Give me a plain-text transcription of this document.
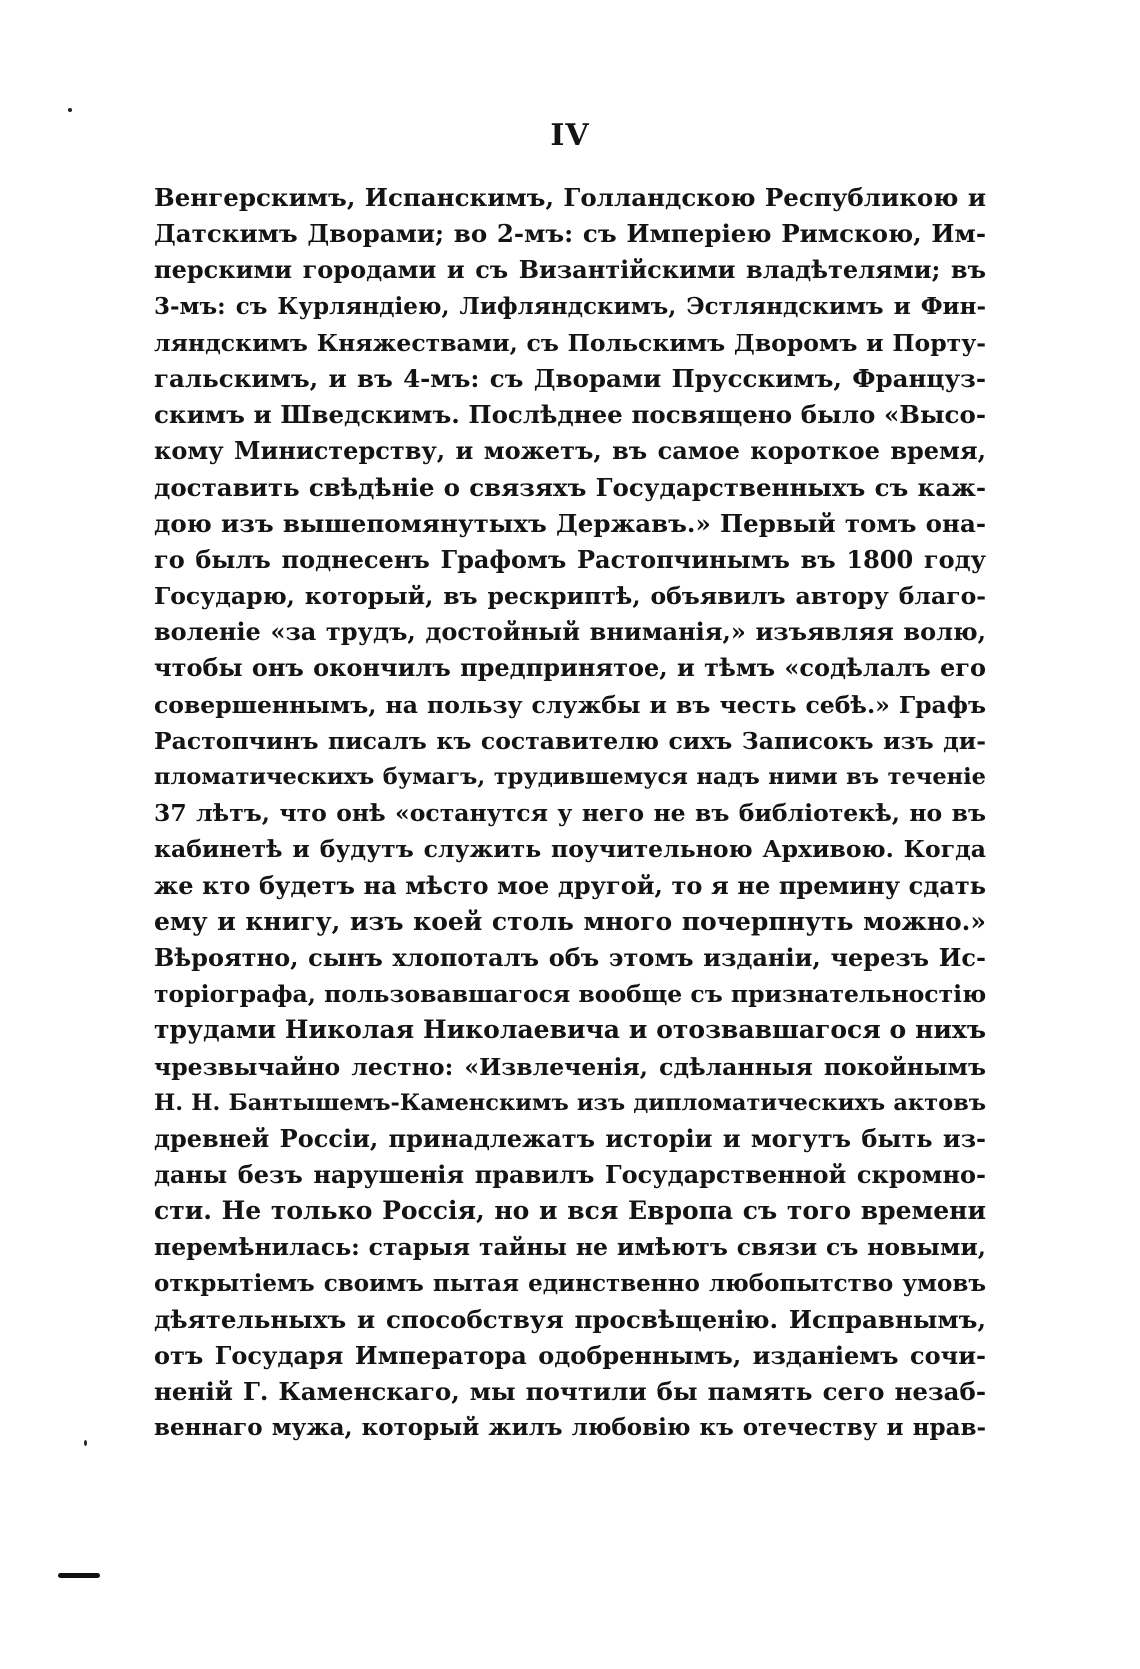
IV
Венгерскимъ, Испанскимъ, Голландскою Республикою и
Датскимъ Дворами; во 2-мъ: съ Имперіею Римскою, Им-
перскими городами и съ Византійскими владѣтелями; въ
3-мъ: съ Курляндіею, Лифляндскимъ, Эстляндскимъ и Фин-
ляндскимъ Княжествами, съ Польскимъ Дворомъ и Порту-
гальскимъ, и въ 4-мъ: съ Дворами Прусскимъ, Француз-
скимъ и Шведскимъ. Послѣднее посвящено было «Высо-
кому Министерству, и можетъ, въ самое короткое время,
доставить свѣдѣніе о связяхъ Государственныхъ съ каж-
дою изъ вышепомянутыхъ Державъ.» Первый томъ она-
го былъ поднесенъ Графомъ Растопчинымъ въ 1800 году
Государю, который, въ рескриптѣ, объявилъ автору благо-
воленіе «за трудъ, достойный вниманія,» изъявляя волю,
чтобы онъ окончилъ предпринятое, и тѣмъ «содѣлалъ его
совершеннымъ, на пользу службы и въ честь себѣ.» Графъ
Растопчинъ писалъ къ составителю сихъ Записокъ изъ ди-
пломатическихъ бумагъ, трудившемуся надъ ними въ теченіе
37 лѣтъ, что онѣ «останутся у него не въ библіотекѣ, но въ
кабинетѣ и будутъ служить поучительною Архивою. Когда
же кто будетъ на мѣсто мое другой, то я не премину сдать
ему и книгу, изъ коей столь много почерпнуть можно.»
Вѣроятно, сынъ хлопоталъ объ этомъ изданіи, черезъ Ис-
торіографа, пользовавшагося вообще съ признательностію
трудами Николая Николаевича и отозвавшагося о нихъ
чрезвычайно лестно: «Извлеченія, сдѣланныя покойнымъ
Н. Н. Бантышемъ-Каменскимъ изъ дипломатическихъ актовъ
древней Россіи, принадлежатъ исторіи и могутъ быть из-
даны безъ нарушенія правилъ Государственной скромно-
сти. Не только Россія, но и вся Европа съ того времени
перемѣнилась: старыя тайны не имѣютъ связи съ новыми,
открытіемъ своимъ пытая единственно любопытство умовъ
дѣятельныхъ и способствуя просвѣщенію. Исправнымъ,
отъ Государя Императора одобреннымъ, изданіемъ сочи-
неній Г. Каменскаго, мы почтили бы память сего незаб-
веннаго мужа, который жилъ любовію къ отечеству и нрав-
